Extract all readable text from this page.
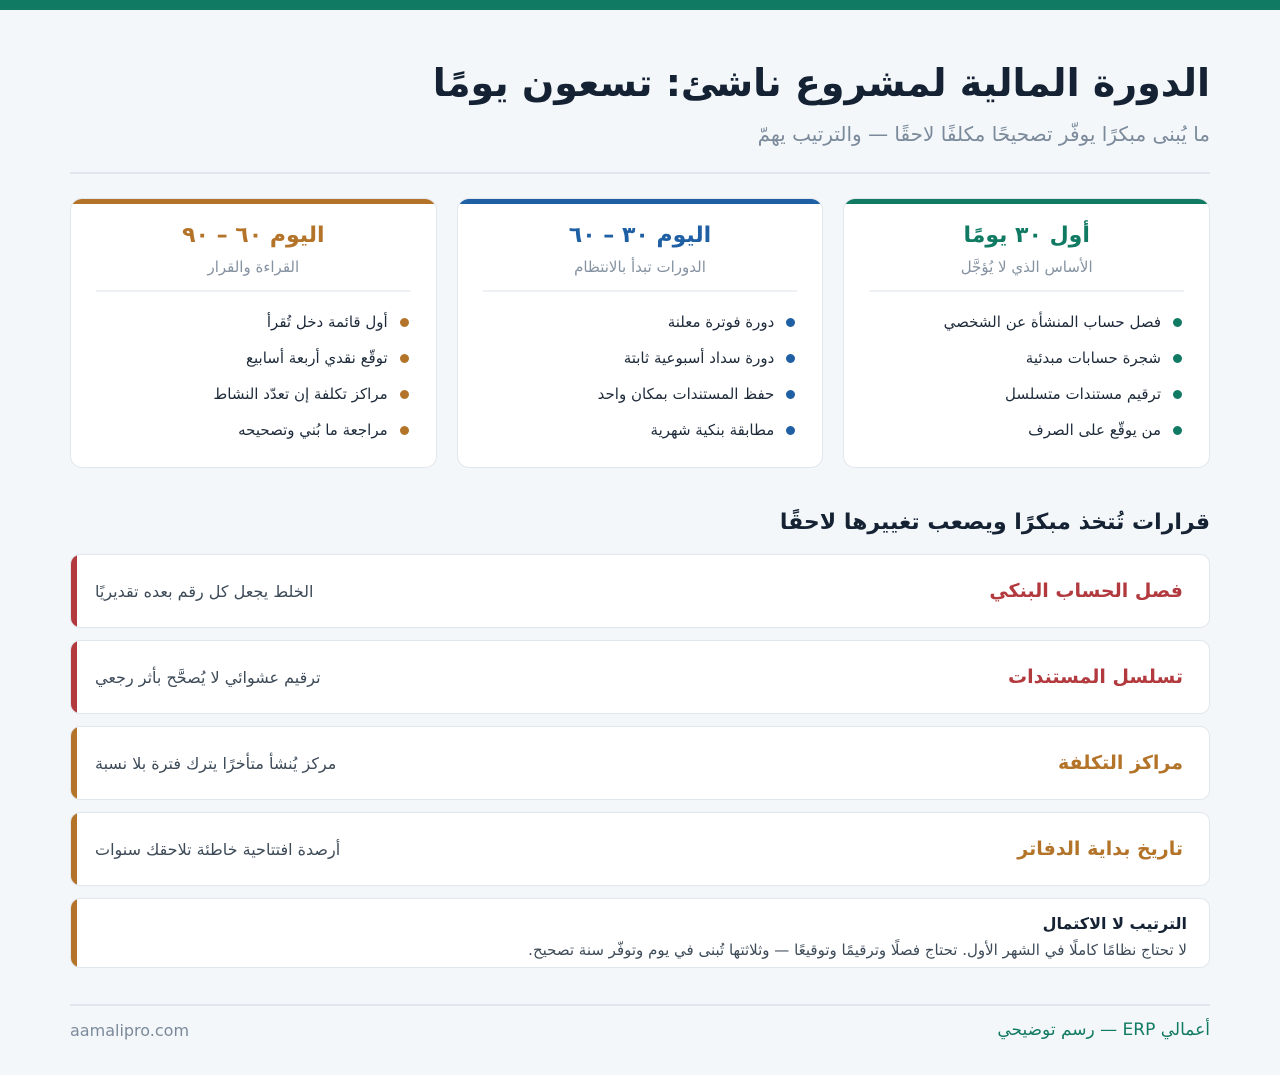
الدورة المالية لمشروع ناشئ: تسعون يومًا

ما يُبنى مبكرًا يوفّر تصحيحًا مكلفًا لاحقًا — والترتيب يهمّ

أول ٣٠ يومًا
الأساس الذي لا يُؤجَّل
فصل حساب المنشأة عن الشخصي
شجرة حسابات مبدئية
ترقيم مستندات متسلسل
من يوقّع على الصرف
اليوم ٣٠ – ٦٠
الدورات تبدأ بالانتظام
دورة فوترة معلنة
دورة سداد أسبوعية ثابتة
حفظ المستندات بمكان واحد
مطابقة بنكية شهرية
اليوم ٦٠ – ٩٠
القراءة والقرار
أول قائمة دخل تُقرأ
توقّع نقدي أربعة أسابيع
مراكز تكلفة إن تعدّد النشاط
مراجعة ما بُني وتصحيحه
قرارات تُتخذ مبكرًا ويصعب تغييرها لاحقًا
فصل الحساب البنكي
الخلط يجعل كل رقم بعده تقديريًا
تسلسل المستندات
ترقيم عشوائي لا يُصحَّح بأثر رجعي
مراكز التكلفة
مركز يُنشأ متأخرًا يترك فترة بلا نسبة
تاريخ بداية الدفاتر
أرصدة افتتاحية خاطئة تلاحقك سنوات
الترتيب لا الاكتمال
لا تحتاج نظامًا كاملًا في الشهر الأول. تحتاج فصلًا وترقيمًا وتوقيعًا — وثلاثتها تُبنى في يوم وتوفّر سنة تصحيح.
أعمالي ERP — رسم توضيحي
aamalipro.com
